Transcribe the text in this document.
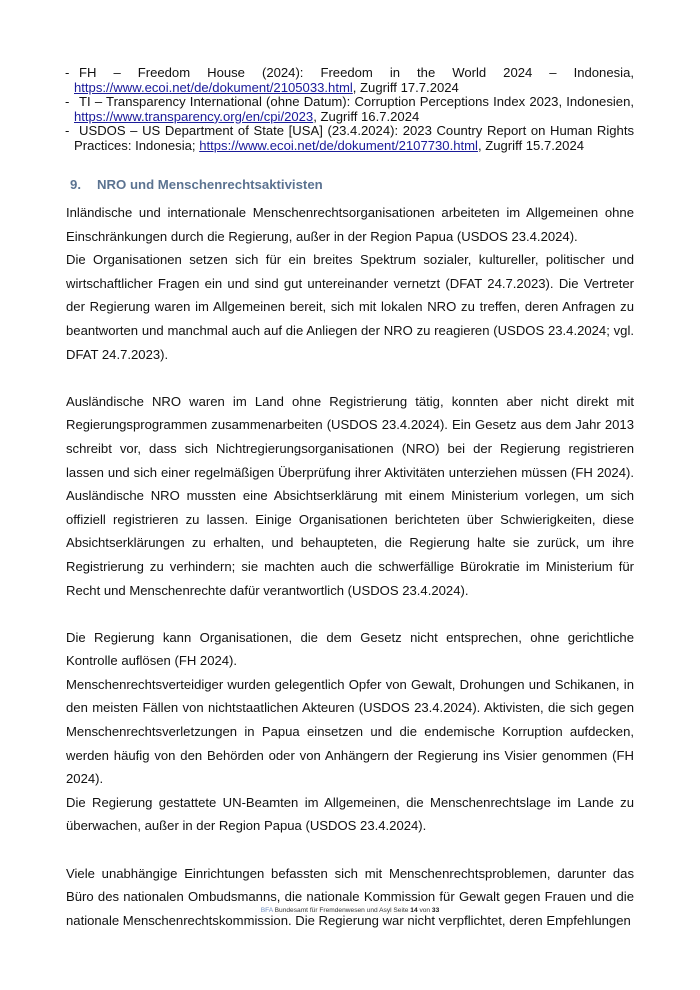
- FH – Freedom House (2024): Freedom in the World 2024 – Indonesia,
https://www.ecoi.net/de/dokument/2105033.html, Zugriff 17.7.2024
- TI – Transparency International (ohne Datum): Corruption Perceptions Index 2023, Indonesien,
https://www.transparency.org/en/cpi/2023, Zugriff 16.7.2024
- USDOS – US Department of State [USA] (23.4.2024): 2023 Country Report on Human Rights
Practices: Indonesia; https://www.ecoi.net/de/dokument/2107730.html, Zugriff 15.7.2024
9. NRO und Menschenrechtsaktivisten

Inländische und internationale Menschenrechtsorganisationen arbeiteten im Allgemeinen ohne Einschränkungen durch die Regierung, außer in der Region Papua (USDOS 23.4.2024).

Die Organisationen setzen sich für ein breites Spektrum sozialer, kultureller, politischer und wirtschaftlicher Fragen ein und sind gut untereinander vernetzt (DFAT 24.7.2023). Die Vertreter der Regierung waren im Allgemeinen bereit, sich mit lokalen NRO zu treffen, deren Anfragen zu beantworten und manchmal auch auf die Anliegen der NRO zu reagieren (USDOS 23.4.2024; vgl. DFAT 24.7.2023).

Ausländische NRO waren im Land ohne Registrierung tätig, konnten aber nicht direkt mit Regierungsprogrammen zusammenarbeiten (USDOS 23.4.2024). Ein Gesetz aus dem Jahr 2013 schreibt vor, dass sich Nichtregierungsorganisationen (NRO) bei der Regierung registrieren lassen und sich einer regelmäßigen Überprüfung ihrer Aktivitäten unterziehen müssen (FH 2024). Ausländische NRO mussten eine Absichtserklärung mit einem Ministerium vorlegen, um sich offiziell registrieren zu lassen. Einige Organisationen berichteten über Schwierigkeiten, diese Absichtserklärungen zu erhalten, und behaupteten, die Regierung halte sie zurück, um ihre Registrierung zu verhindern; sie machten auch die schwerfällige Bürokratie im Ministerium für Recht und Menschenrechte dafür verantwortlich (USDOS 23.4.2024).

Die Regierung kann Organisationen, die dem Gesetz nicht entsprechen, ohne gerichtliche Kontrolle auflösen (FH 2024).

Menschenrechtsverteidiger wurden gelegentlich Opfer von Gewalt, Drohungen und Schikanen, in den meisten Fällen von nichtstaatlichen Akteuren (USDOS 23.4.2024). Aktivisten, die sich gegen Menschenrechtsverletzungen in Papua einsetzen und die endemische Korruption aufdecken, werden häufig von den Behörden oder von Anhängern der Regierung ins Visier genommen (FH 2024).

Die Regierung gestattete UN-Beamten im Allgemeinen, die Menschenrechtslage im Lande zu überwachen, außer in der Region Papua (USDOS 23.4.2024).

Viele unabhängige Einrichtungen befassten sich mit Menschenrechtsproblemen, darunter das Büro des nationalen Ombudsmanns, die nationale Kommission für Gewalt gegen Frauen und die nationale Menschenrechtskommission. Die Regierung war nicht verpflichtet, deren Empfehlungen

BFA Bundesamt für Fremdenwesen und Asyl Seite 14 von 33
